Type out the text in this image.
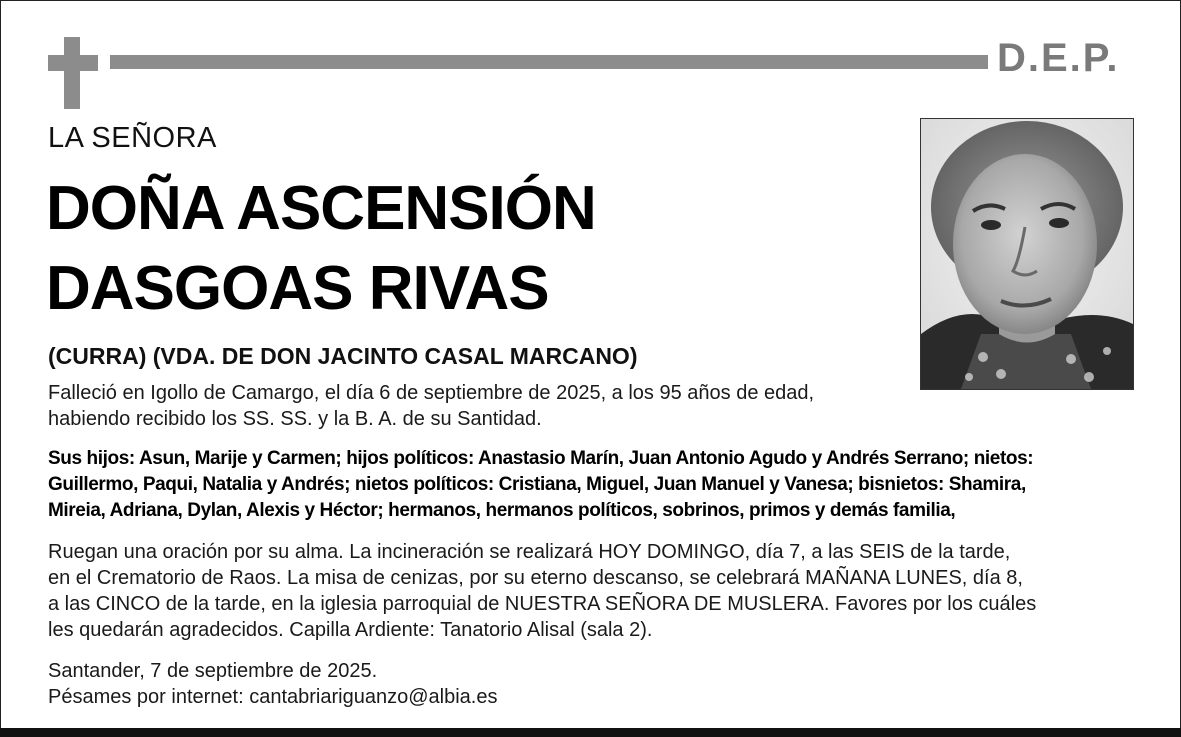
D.E.P.
LA SEÑORA
DOÑA ASCENSIÓN
DASGOAS RIVAS
(CURRA) (VDA. DE DON JACINTO CASAL MARCANO)
Falleció en Igollo de Camargo, el día 6 de septiembre de 2025, a los 95 años de edad,
habiendo recibido los SS. SS. y la B. A. de su Santidad.
Sus hijos: Asun, Marije y Carmen; hijos políticos: Anastasio Marín, Juan Antonio Agudo y Andrés Serrano; nietos:
Guillermo, Paqui, Natalia y Andrés; nietos políticos: Cristiana, Miguel, Juan Manuel y Vanesa; bisnietos: Shamira,
Mireia, Adriana, Dylan, Alexis y Héctor; hermanos, hermanos políticos, sobrinos, primos y demás familia,
Ruegan una oración por su alma. La incineración se realizará HOY DOMINGO, día 7, a las SEIS de la tarde,
en el Crematorio de Raos. La misa de cenizas, por su eterno descanso, se celebrará MAÑANA LUNES, día 8,
a las CINCO de la tarde, en la iglesia parroquial de NUESTRA SEÑORA DE MUSLERA. Favores por los cuáles
les quedarán agradecidos. Capilla Ardiente: Tanatorio Alisal (sala 2).
Santander, 7 de septiembre de 2025.
Pésames por internet: cantabriariguanzo@albia.es
